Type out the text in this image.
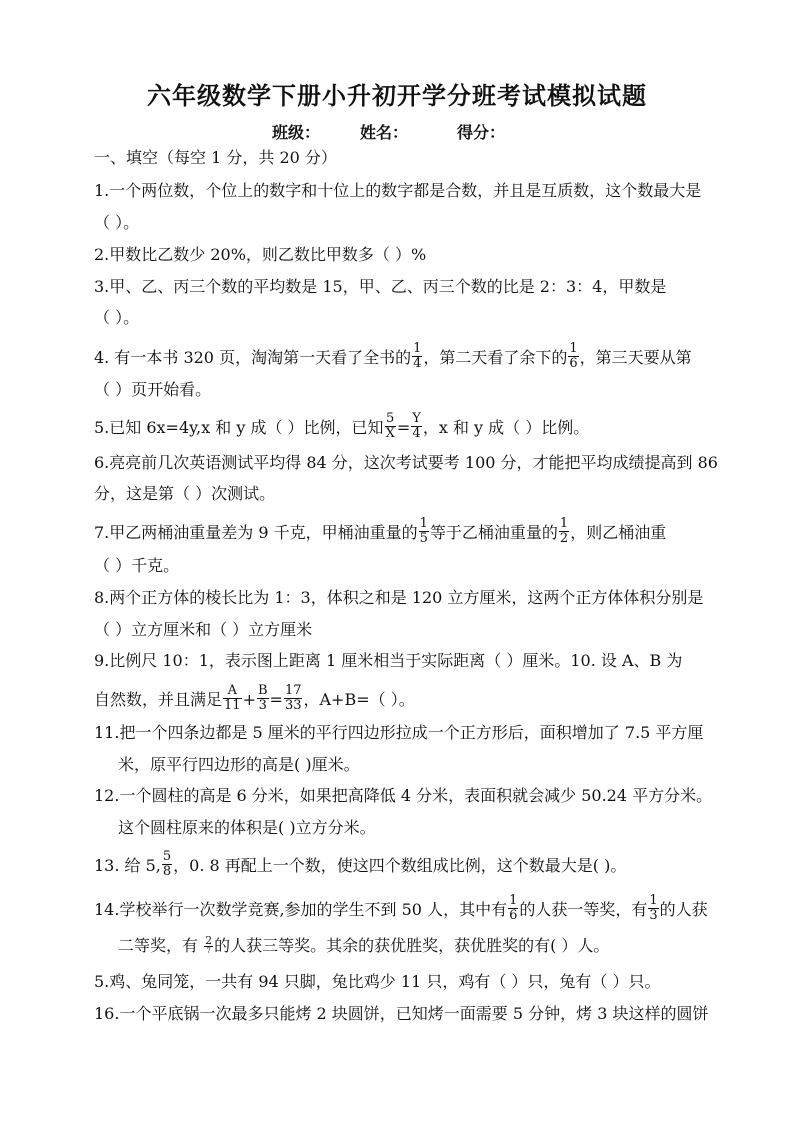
六年级数学下册小升初开学分班考试模拟试题
班级： 姓名：	得分：
一、填空（每空 1 分，共 20 分）
1.一个两位数，个位上的数字和十位上的数字都是合数，并且是互质数，这个数最大是
（ ）。
2.甲数比乙数少 20%，则乙数比甲数多（ ）%
3.甲、乙、丙三个数的平均数是 15，甲、乙、丙三个数的比是 2：3：4，甲数是
（ ）。
4. 有一本书 320 页，淘淘第一天看了全书的 $\frac{1}{4}$ ，第二天看了余下的 $\frac{1}{6}$ ，第三天要从第
（ ）页开始看。
5.已知 6x=4y,x 和 y 成（ ）比例，已知 $\frac{5}{X} = \frac{Y}{4}$ ，x 和 y 成（ ）比例。
6.亮亮前几次英语测试平均得 84 分，这次考试要考 100 分，才能把平均成绩提高到 86
分，这是第（ ）次测试。
7.甲乙两桶油重量差为 9 千克，甲桶油重量的 $\frac{1}{5}$ 等于乙桶油重量的 $\frac{1}{2}$ ，则乙桶油重
（ ）千克。
8.两个正方体的棱长比为 1：3，体积之和是 120 立方厘米，这两个正方体体积分别是
（ ）立方厘米和（ ）立方厘米
9.比例尺 10：1，表示图上距离 1 厘米相当于实际距离（ ）厘米。10. 设 A、B 为
自然数，并且满足 $\frac{A}{11} + \frac{B}{3} = \frac{17}{33}$ ，A+B=（ ）。
11.把一个四条边都是 5 厘米的平行四边形拉成一个正方形后，面积增加了 7.5 平方厘
米，原平行四边形的高是( )厘米。
12.一个圆柱的高是 6 分米，如果把高降低 4 分米，表面积就会减少 50.24 平方分米。
这个圆柱原来的体积是( )立方分米。
13. 给 5, $\frac{5}{8}$ ，0. 8 再配上一个数，使这四个数组成比例，这个数最大是( )。
14.学校举行一次数学竞赛,参加的学生不到 50 人，其中有 $\frac{1}{6}$ 的人获一等奖，有 $\frac{1}{3}$ 的人获
二等奖，有 $\frac{2}{7}$ 的人获三等奖。其余的获优胜奖，获优胜奖的有( ）人。
5.鸡、兔同笼，一共有 94 只脚，兔比鸡少 11 只，鸡有（ ）只，兔有（ ）只。
16.一个平底锅一次最多只能烤 2 块圆饼，已知烤一面需要 5 分钟，烤 3 块这样的圆饼
